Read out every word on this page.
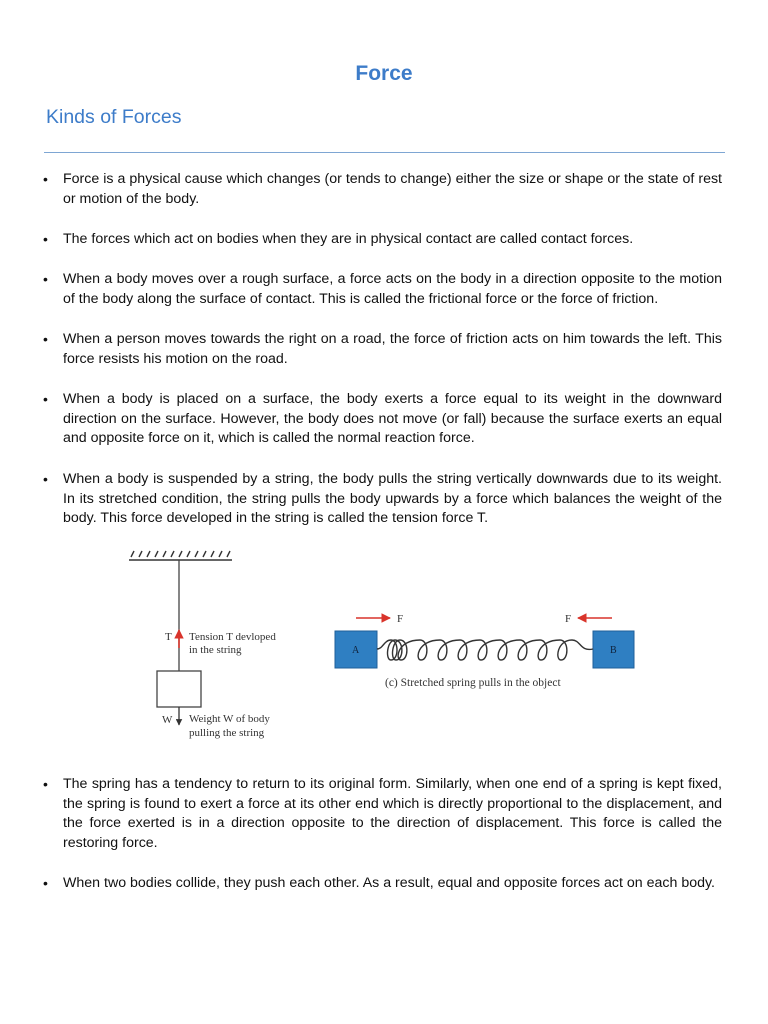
Force
Kinds of Forces
•	Force is a physical cause which changes (or tends to change) either the size or shape or the state of rest or motion of the body.
•	The forces which act on bodies when they are in physical contact are called contact forces.
•	When a body moves over a rough surface, a force acts on the body in a direction opposite to the motion of the body along the surface of contact. This is called the frictional force or the force of friction.
•	When a person moves towards the right on a road, the force of friction acts on him towards the left. This force resists his motion on the road.
•	When a body is placed on a surface, the body exerts a force equal to its weight in the downward direction on the surface. However, the body does not move (or fall) because the surface exerts an equal and opposite force on it, which is called the normal reaction force.
•	When a body is suspended by a string, the body pulls the string vertically downwards due to its weight. In its stretched condition, the string pulls the body upwards by a force which balances the weight of the body. This force developed in the string is called the tension force T.
•	The spring has a tendency to return to its original form. Similarly, when one end of a spring is kept fixed, the spring is found to exert a force at its other end which is directly proportional to the displacement, and the force exerted is in a direction opposite to the direction of displacement. This force is called the restoring force.
•	When two bodies collide, they push each other. As a result, equal and opposite forces act on each body.
T Tension T devloped
in the string
W Weight W of body
pulling the string
F	F
A	B
(c) Stretched spring pulls in the object
